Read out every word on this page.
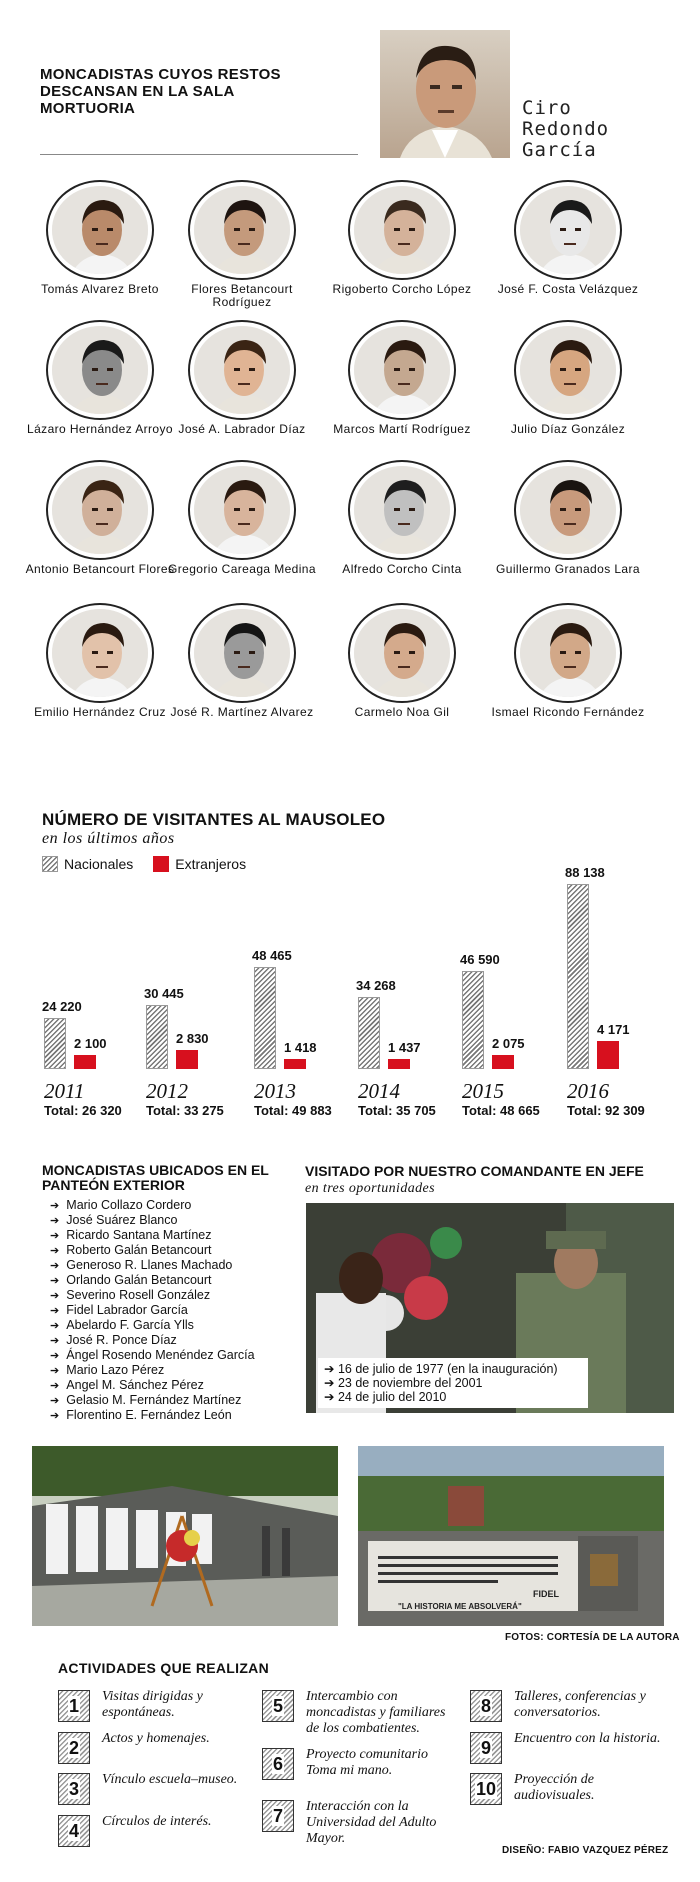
MONCADISTAS CUYOS RESTOS DESCANSAN EN LA SALA MORTUORIA	Ciro Redondo García
Tomás Alvarez Breto	Flores Betancourt Rodríguez
Rigoberto Corcho López	José F. Costa Velázquez
Lázaro Hernández Arroyo José A. Labrador Díaz	Marcos Martí Rodríguez	Julio Díaz González
Antonio Betancourt Flores
Gregorio Careaga Medina	Alfredo Corcho Cinta	Guillermo Granados Lara
Emilio Hernández Cruz José R. Martínez Alvarez	Carmelo Noa Gil	Ismael Ricondo Fernández
NÚMERO DE VISITANTES AL MAUSOLEO
en los últimos años
Nacionales	Extranjeros
24 220
2 100
2011
Total: 26 320
30 445
2 830
2012
Total: 33 275
48 465
1 418
2013
Total: 49 883
34 268
1 437
2014
Total: 35 705
46 590
2 075
2015
Total: 48 665
88 138
4 171
2016
Total: 92 309
MONCADISTAS UBICADOS EN EL PANTEÓN EXTERIOR
➔ Mario Collazo Cordero
➔ José Suárez Blanco
➔ Ricardo Santana Martínez
➔ Roberto Galán Betancourt
➔ Generoso R. Llanes Machado
➔ Orlando Galán Betancourt
➔ Severino Rosell González
➔ Fidel Labrador García
➔ Abelardo F. García Ylls
➔ José R. Ponce Díaz
➔ Ángel Rosendo Menéndez García
➔ Mario Lazo Pérez
➔ Angel M. Sánchez Pérez
➔ Gelasio M. Fernández Martínez
➔ Florentino E. Fernández León
VISITADO POR NUESTRO COMANDANTE EN JEFE
en tres oportunidades
➔ 16 de julio de 1977 (en la inauguración)
➔ 23 de noviembre del 2001
➔ 24 de julio del 2010
FIDEL
"LA HISTORIA ME ABSOLVERÁ"
FOTOS: CORTESÍA DE LA AUTORA
ACTIVIDADES QUE REALIZAN
1	Visitas dirigidas y espontáneas.
2	Actos y homenajes.
3	Vínculo escuela–museo.
4	Círculos de interés.
5	Intercambio con moncadistas y familiares de los combatientes.
6	Proyecto comunitario Toma mi mano.
7	Interacción con la Universidad del Adulto Mayor.
8	Talleres, conferencias y conversatorios.
9	Encuentro con la historia.
10	Proyección de audiovisuales.
DISEÑO: FABIO VAZQUEZ PÉREZ
